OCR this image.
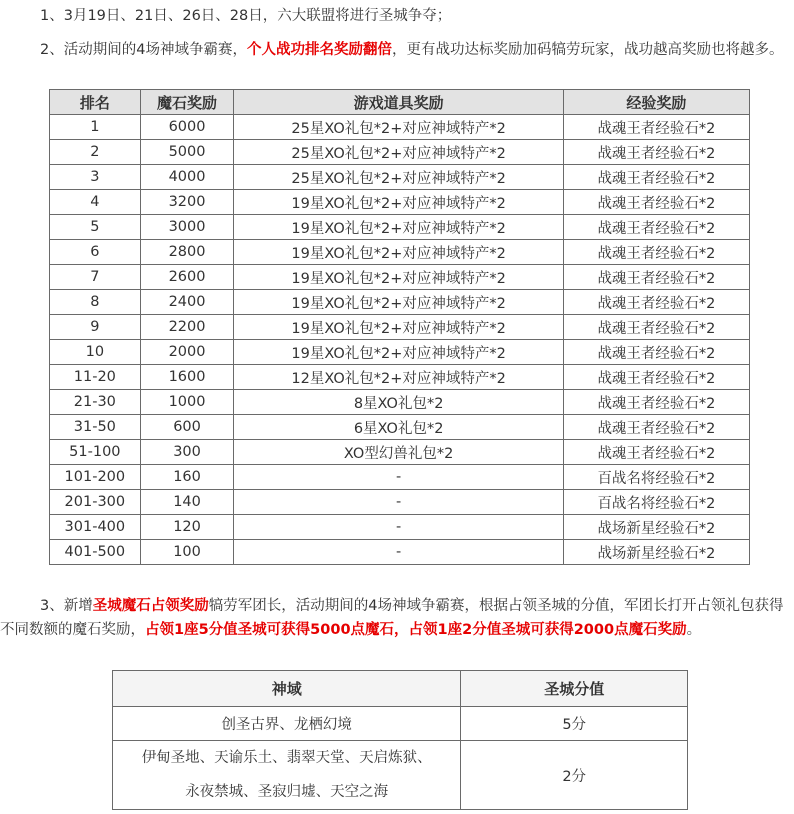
1、3月19日、21日、26日、28日，六大联盟将进行圣城争夺；

2、活动期间的4场神域争霸赛，个人战功排名奖励翻倍，更有战功达标奖励加码犒劳玩家，战功越高奖励也将越多。

排名	魔石奖励	游戏道具奖励	经验奖励
1	6000	25星XO礼包*2+对应神域特产*2	战魂王者经验石*2
2	5000	25星XO礼包*2+对应神域特产*2	战魂王者经验石*2
3	4000	25星XO礼包*2+对应神域特产*2	战魂王者经验石*2
4	3200	19星XO礼包*2+对应神域特产*2	战魂王者经验石*2
5	3000	19星XO礼包*2+对应神域特产*2	战魂王者经验石*2
6	2800	19星XO礼包*2+对应神域特产*2	战魂王者经验石*2
7	2600	19星XO礼包*2+对应神域特产*2	战魂王者经验石*2
8	2400	19星XO礼包*2+对应神域特产*2	战魂王者经验石*2
9	2200	19星XO礼包*2+对应神域特产*2	战魂王者经验石*2
10	2000	19星XO礼包*2+对应神域特产*2	战魂王者经验石*2
11-20	1600	12星XO礼包*2+对应神域特产*2	战魂王者经验石*2
21-30	1000	8星XO礼包*2	战魂王者经验石*2
31-50	600	6星XO礼包*2	战魂王者经验石*2
51-100	300	XO型幻兽礼包*2	战魂王者经验石*2
101-200	160	-	百战名将经验石*2
201-300	140	-	百战名将经验石*2
301-400	120	-	战场新星经验石*2
401-500	100	-	战场新星经验石*2

3、新增圣城魔石占领奖励犒劳军团长，活动期间的4场神域争霸赛，根据占领圣城的分值，军团长打开占领礼包获得不同数额的魔石奖励，占领1座5分值圣城可获得5000点魔石，占领1座2分值圣城可获得2000点魔石奖励。

神域	圣城分值
创圣古界、龙栖幻境	5分

伊甸圣地、天谕乐土、翡翠天堂、天启炼狱、
永夜禁城、圣寂归墟、天空之海	2分
